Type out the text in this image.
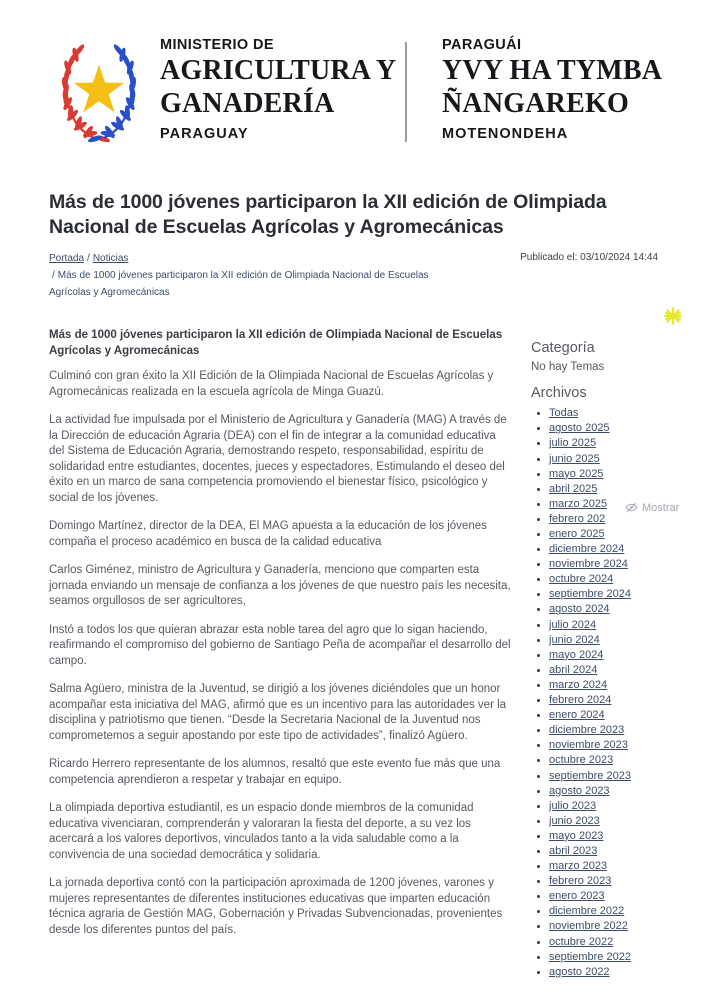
MINISTERIO DE
AGRICULTURA Y
GANADERÍA
PARAGUAY
PARAGUÁI
YVY HA TYMBA
ÑANGAREKO
MOTENONDEHA
Más de 1000 jóvenes participaron la XII edición de Olimpiada Nacional de Escuelas Agrícolas y Agromecánicas
Portada / Noticias
/ Más de 1000 jóvenes participaron la XII edición de Olimpiada Nacional de Escuelas Agrícolas y Agromecánicas
Publicado el: 03/10/2024 14:44
Más de 1000 jóvenes participaron la XII edición de Olimpiada Nacional de Escuelas Agrícolas y Agromecánicas

Culminó con gran éxito la XII Edición de la Olimpiada Nacional de Escuelas Agrícolas y Agromecánicas realizada en la escuela agrícola de Minga Guazú.

La actividad fue impulsada por el Ministerio de Agricultura y Ganadería (MAG) A través de la Dirección de educación Agraria (DEA) con el fin de integrar a la comunidad educativa del Sistema de Educación Agraria, demostrando respeto, responsabilidad, espíritu de solidaridad entre estudiantes, docentes, jueces y espectadores. Estimulando el deseo del éxito en un marco de sana competencia promoviendo el bienestar físico, psicológico y social de los jóvenes.

Domingo Martínez, director de la DEA, El MAG apuesta a la educación de los jóvenes compaña el proceso académico en busca de la calidad educativa

Carlos Giménez, ministro de Agricultura y Ganadería, menciono que comparten esta jornada enviando un mensaje de confianza a los jóvenes de que nuestro país les necesita, seamos orgullosos de ser agricultores,

Instó a todos los que quieran abrazar esta noble tarea del agro que lo sigan haciendo, reafirmando el compromiso del gobierno de Santiago Peña de acompañar el desarrollo del campo.

Salma Agüero, ministra de la Juventud, se dirigió a los jóvenes diciéndoles que un honor acompañar esta iniciativa del MAG, afirmó que es un incentivo para las autoridades ver la disciplina y patriotismo que tienen. “Desde la Secretaria Nacional de la Juventud nos comprometemos a seguir apostando por este tipo de actividades”, finalizó Agüero.

Ricardo Herrero representante de los alumnos, resaltó que este evento fue más que una competencia aprendieron a respetar y trabajar en equipo.

La olimpiada deportiva estudiantil, es un espacio donde miembros de la comunidad educativa vivenciaran, comprenderán y valoraran la fiesta del deporte, a su vez los acercará a los valores deportivos, vinculados tanto a la vida saludable como a la convivencia de una sociedad democrática y solidaria.

La jornada deportiva contó con la participación aproximada de 1200 jóvenes, varones y mujeres representantes de diferentes instituciones educativas que imparten educación técnica agraria de Gestión MAG, Gobernación y Privadas Subvencionadas, provenientes desde los diferentes puntos del país.

Categoría

No hay Temas

Archivos
• Todas
• agosto 2025
• julio 2025
• junio 2025
• mayo 2025
• abril 2025
• marzo 2025
• febrero 202
• enero 2025
• diciembre 2024
• noviembre 2024
• octubre 2024
• septiembre 2024
• agosto 2024
• julio 2024
• junio 2024
• mayo 2024
• abril 2024
• marzo 2024
• febrero 2024
• enero 2024
• diciembre 2023
• noviembre 2023
• octubre 2023
• septiembre 2023
• agosto 2023
• julio 2023
• junio 2023
• mayo 2023
• abril 2023
• marzo 2023
• febrero 2023
• enero 2023
• diciembre 2022
• noviembre 2022
• octubre 2022
• septiembre 2022
• agosto 2022
Mostrar
